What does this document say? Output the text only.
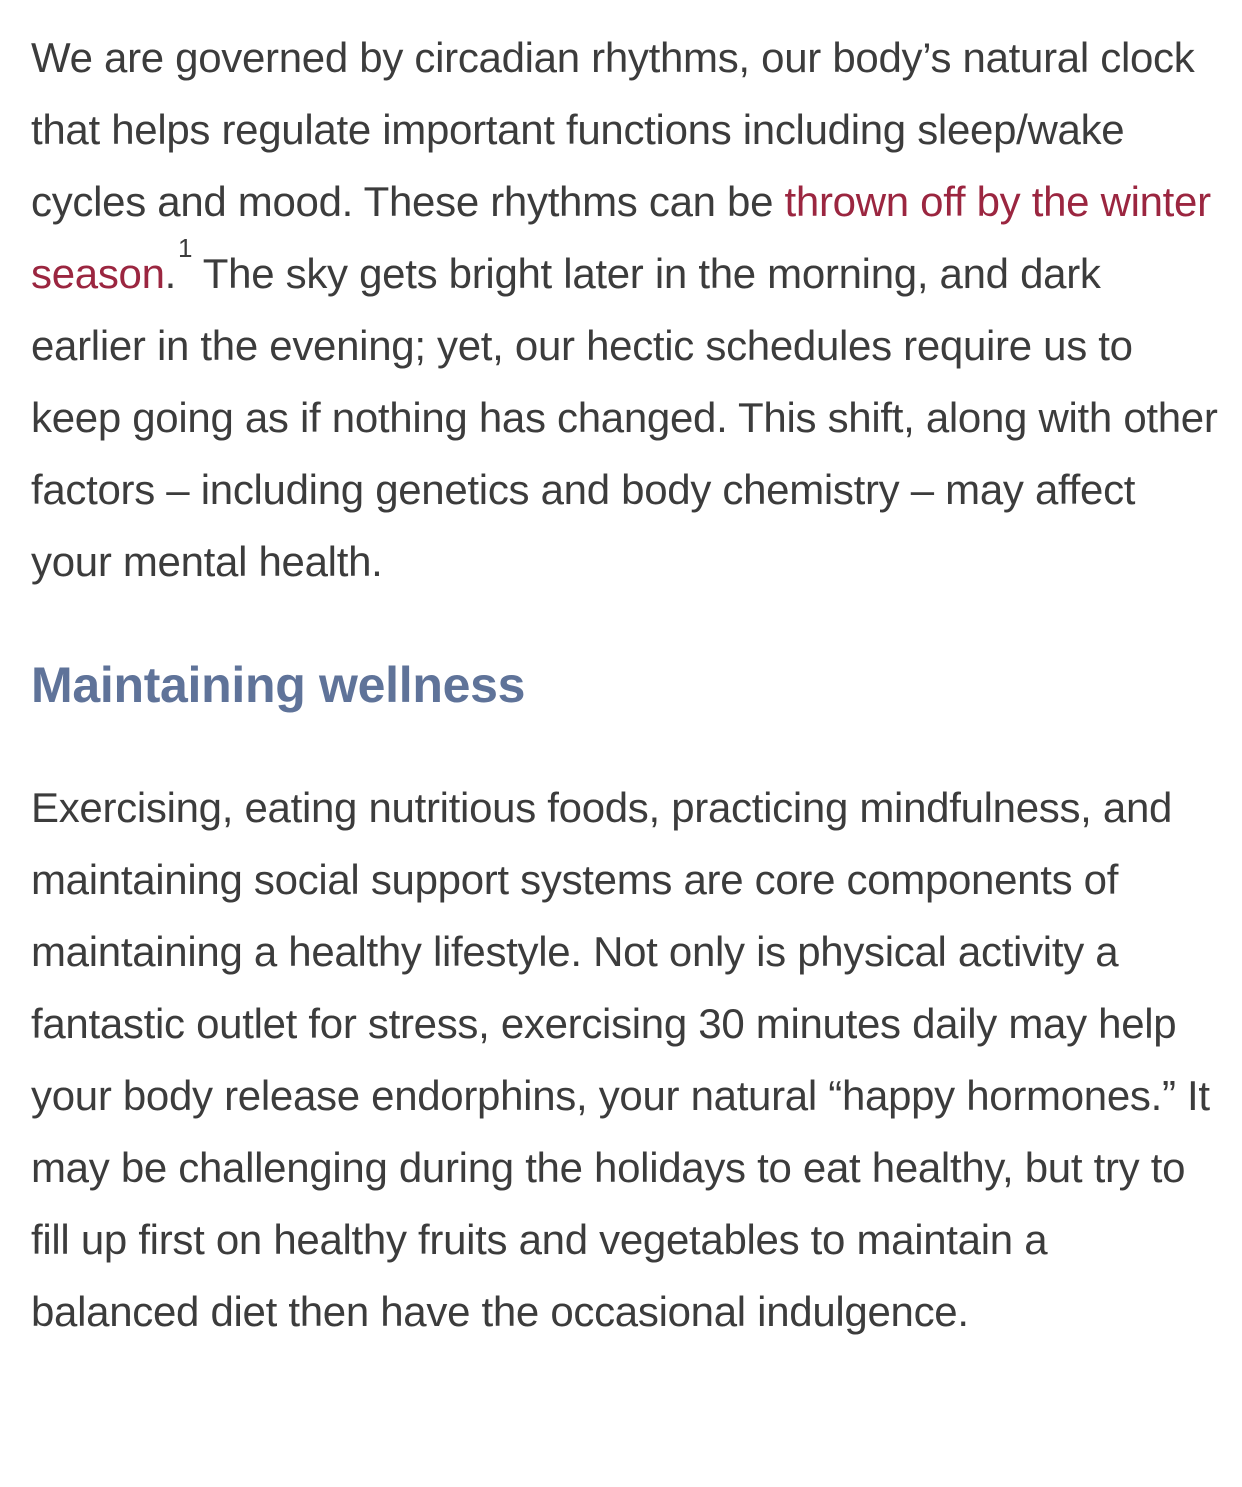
We are governed by circadian rhythms, our body’s natural clock that helps regulate important functions including sleep/wake cycles and mood. These rhythms can be thrown off by the winter season.$^1$ The sky gets bright later in the morning, and dark earlier in the evening; yet, our hectic schedules require us to keep going as if nothing has changed. This shift, along with other factors – including genetics and body chemistry – may affect your mental health.

Maintaining wellness

Exercising, eating nutritious foods, practicing mindfulness, and maintaining social support systems are core components of maintaining a healthy lifestyle. Not only is physical activity a fantastic outlet for stress, exercising 30 minutes daily may help your body release endorphins, your natural “happy hormones.” It may be challenging during the holidays to eat healthy, but try to fill up first on healthy fruits and vegetables to maintain a balanced diet then have the occasional indulgence.
